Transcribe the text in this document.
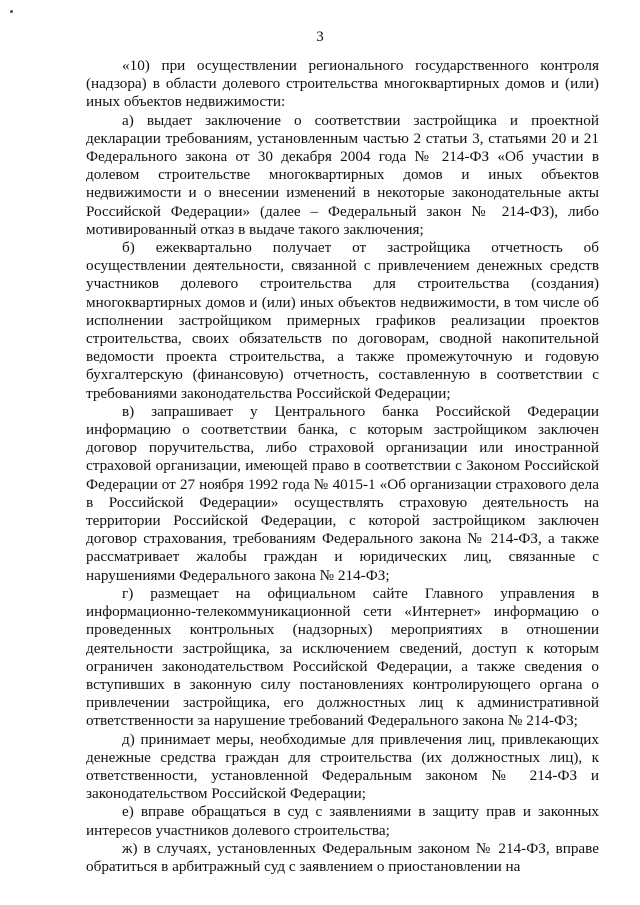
3

«10) при осуществлении регионального государственного контроля (надзора) в области долевого строительства многоквартирных домов и (или) иных объектов недвижимости:

а) выдает заключение о соответствии застройщика и проектной декларации требованиям, установленным частью 2 статьи 3, статьями 20 и 21 Федерального закона от 30 декабря 2004 года № 214-ФЗ «Об участии в долевом строительстве многоквартирных домов и иных объектов недвижимости и о внесении изменений в некоторые законодательные акты Российской Федерации» (далее – Федеральный закон № 214-ФЗ), либо мотивированный отказ в выдаче такого заключения;

б) ежеквартально получает от застройщика отчетность об осуществлении деятельности, связанной с привлечением денежных средств участников долевого строительства для строительства (создания) многоквартирных домов и (или) иных объектов недвижимости, в том числе об исполнении застройщиком примерных графиков реализации проектов строительства, своих обязательств по договорам, сводной накопительной ведомости проекта строительства, а также промежуточную и годовую бухгалтерскую (финансовую) отчетность, составленную в соответствии с требованиями законодательства Российской Федерации;

в) запрашивает у Центрального банка Российской Федерации информацию о соответствии банка, с которым застройщиком заключен договор поручительства, либо страховой организации или иностранной страховой организации, имеющей право в соответствии с Законом Российской Федерации от 27 ноября 1992 года № 4015-1 «Об организации страхового дела в Российской Федерации» осуществлять страховую деятельность на территории Российской Федерации, с которой застройщиком заключен договор страхования, требованиям Федерального закона № 214-ФЗ, а также рассматривает жалобы граждан и юридических лиц, связанные с нарушениями Федерального закона № 214-ФЗ;

г) размещает на официальном сайте Главного управления в информационно-телекоммуникационной сети «Интернет» информацию о проведенных контрольных (надзорных) мероприятиях в отношении деятельности застройщика, за исключением сведений, доступ к которым ограничен законодательством Российской Федерации, а также сведения о вступивших в законную силу постановлениях контролирующего органа о привлечении застройщика, его должностных лиц к административной ответственности за нарушение требований Федерального закона № 214-ФЗ;

д) принимает меры, необходимые для привлечения лиц, привлекающих денежные средства граждан для строительства (их должностных лиц), к ответственности, установленной Федеральным законом № 214-ФЗ и законодательством Российской Федерации;

е) вправе обращаться в суд с заявлениями в защиту прав и законных интересов участников долевого строительства;

ж) в случаях, установленных Федеральным законом № 214-ФЗ, вправе обратиться в арбитражный суд с заявлением о приостановлении на
